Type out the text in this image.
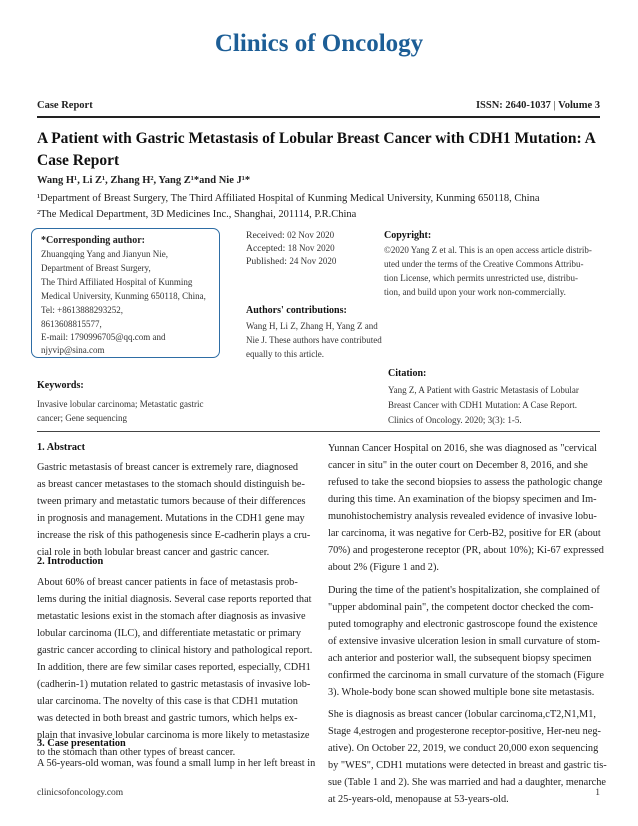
Clinics of Oncology
Case Report	ISSN: 2640-1037 | Volume 3
A Patient with Gastric Metastasis of Lobular Breast Cancer with CDH1 Mutation: A
Case Report
Wang H¹, Li Z¹, Zhang H², Yang Z¹*and Nie J¹*
¹Department of Breast Surgery, The Third Affiliated Hospital of Kunming Medical University, Kunming 650118, China
²The Medical Department, 3D Medicines Inc., Shanghai, 201114, P.R.China
*Corresponding author:
Zhuangqing Yang and Jianyun Nie,
Department of Breast Surgery,
The Third Affiliated Hospital of Kunming
Medical University, Kunming 650118, China,
Tel: +8613888293252,
8613608815577,
E-mail: 1790996705@qq.com and
njyvip@sina.com
Received: 02 Nov 2020
Accepted: 18 Nov 2020
Published: 24 Nov 2020
Copyright:
©2020 Yang Z et al. This is an open access article distrib-
uted under the terms of the Creative Commons Attribu-
tion License, which permits unrestricted use, distribu-
tion, and build upon your work non-commercially.
Authors' contributions:
Wang H, Li Z, Zhang H, Yang Z and
Nie J. These authors have contributed
equally to this article.
Citation:
Yang Z, A Patient with Gastric Metastasis of Lobular
Breast Cancer with CDH1 Mutation: A Case Report.
Clinics of Oncology. 2020; 3(3): 1-5.
Keywords:
Invasive lobular carcinoma; Metastatic gastric
cancer; Gene sequencing
1. Abstract
Gastric metastasis of breast cancer is extremely rare, diagnosed
as breast cancer metastases to the stomach should distinguish be-
tween primary and metastatic tumors because of their differences
in prognosis and management. Mutations in the CDH1 gene may
increase the risk of this pathogenesis since E-cadherin plays a cru-
cial role in both lobular breast cancer and gastric cancer.
2. Introduction
About 60% of breast cancer patients in face of metastasis prob-
lems during the initial diagnosis. Several case reports reported that
metastatic lesions exist in the stomach after diagnosis as invasive
lobular carcinoma (ILC), and differentiate metastatic or primary
gastric cancer according to clinical history and pathological report.
In addition, there are few similar cases reported, especially, CDH1
(cadherin-1) mutation related to gastric metastasis of invasive lob-
ular carcinoma. The novelty of this case is that CDH1 mutation
was detected in both breast and gastric tumors, which helps ex-
plain that invasive lobular carcinoma is more likely to metastasize
to the stomach than other types of breast cancer.
3. Case presentation
A 56-years-old woman, was found a small lump in her left breast in
Yunnan Cancer Hospital on 2016, she was diagnosed as "cervical
cancer in situ" in the outer court on December 8, 2016, and she
refused to take the second biopsies to assess the pathologic change
during this time. An examination of the biopsy specimen and Im-
munohistochemistry analysis revealed evidence of invasive lobu-
lar carcinoma, it was negative for Cerb-B2, positive for ER (about
70%) and progesterone receptor (PR, about 10%); Ki-67 expressed
about 2% (Figure 1 and 2).
During the time of the patient's hospitalization, she complained of
"upper abdominal pain", the competent doctor checked the com-
puted tomography and electronic gastroscope found the existence
of extensive invasive ulceration lesion in small curvature of stom-
ach anterior and posterior wall, the subsequent biopsy specimen
confirmed the carcinoma in small curvature of the stomach (Figure
3). Whole-body bone scan showed multiple bone site metastasis.
She is diagnosis as breast cancer (lobular carcinoma,cT2,N1,M1,
Stage 4,estrogen and progesterone receptor-positive, Her-neu neg-
ative). On October 22, 2019, we conduct 20,000 exon sequencing
by "WES", CDH1 mutations were detected in breast and gastric tis-
sue (Table 1 and 2). She was married and had a daughter, menarche
at 25-years-old, menopause at 53-years-old.
clinicsofoncology.com	1
